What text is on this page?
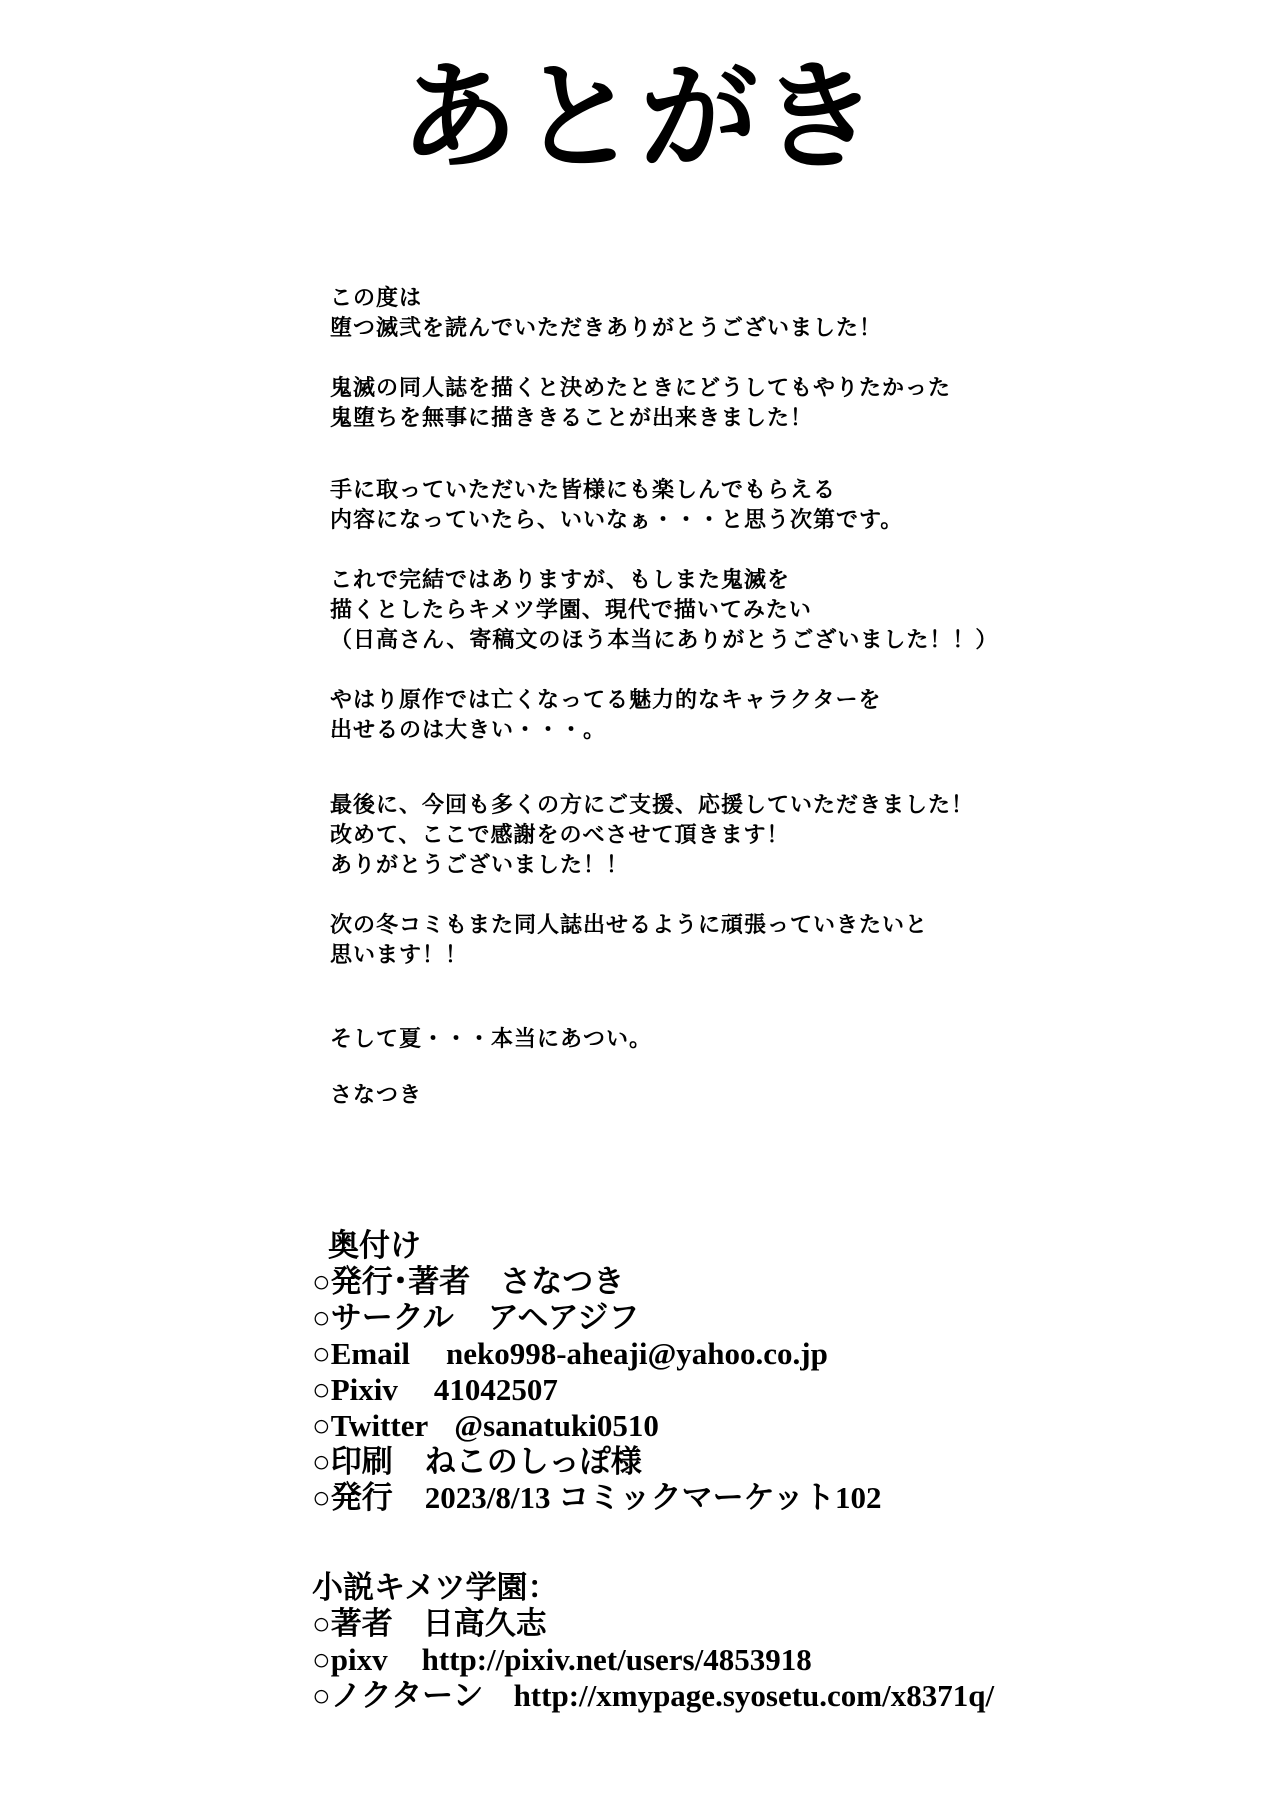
あとがき
この度は
堕つ滅弐を読んでいただきありがとうございました！
鬼滅の同人誌を描くと決めたときにどうしてもやりたかった
鬼堕ちを無事に描ききることが出来きました！
手に取っていただいた皆様にも楽しんでもらえる
内容になっていたら、いいなぁ・・・と思う次第です。
これで完結ではありますが、もしまた鬼滅を
描くとしたらキメツ学園、現代で描いてみたい
（日高さん、寄稿文のほう本当にありがとうございました！！）
やはり原作では亡くなってる魅力的なキャラクターを
出せるのは大きい・・・。
最後に、今回も多くの方にご支援、応援していただきました！
改めて、ここで感謝をのべさせて頂きます！
ありがとうございました！！
次の冬コミもまた同人誌出せるように頑張っていきたいと
思います！！
そして夏・・・本当にあつい。
さなつき
奥付け
○発行･著者 さなつき
○サークル アヘアジフ
○Email neko998-aheaji@yahoo.co.jp
○Pixiv 41042507
○Twitter @sanatuki0510
○印刷 ねこのしっぽ様
○発行 2023/8/13 コミックマーケット102
小説キメツ学園：
○著者 日高久志
○pixv http://pixiv.net/users/4853918
○ノクターン http://xmypage.syosetu.com/x8371q/
